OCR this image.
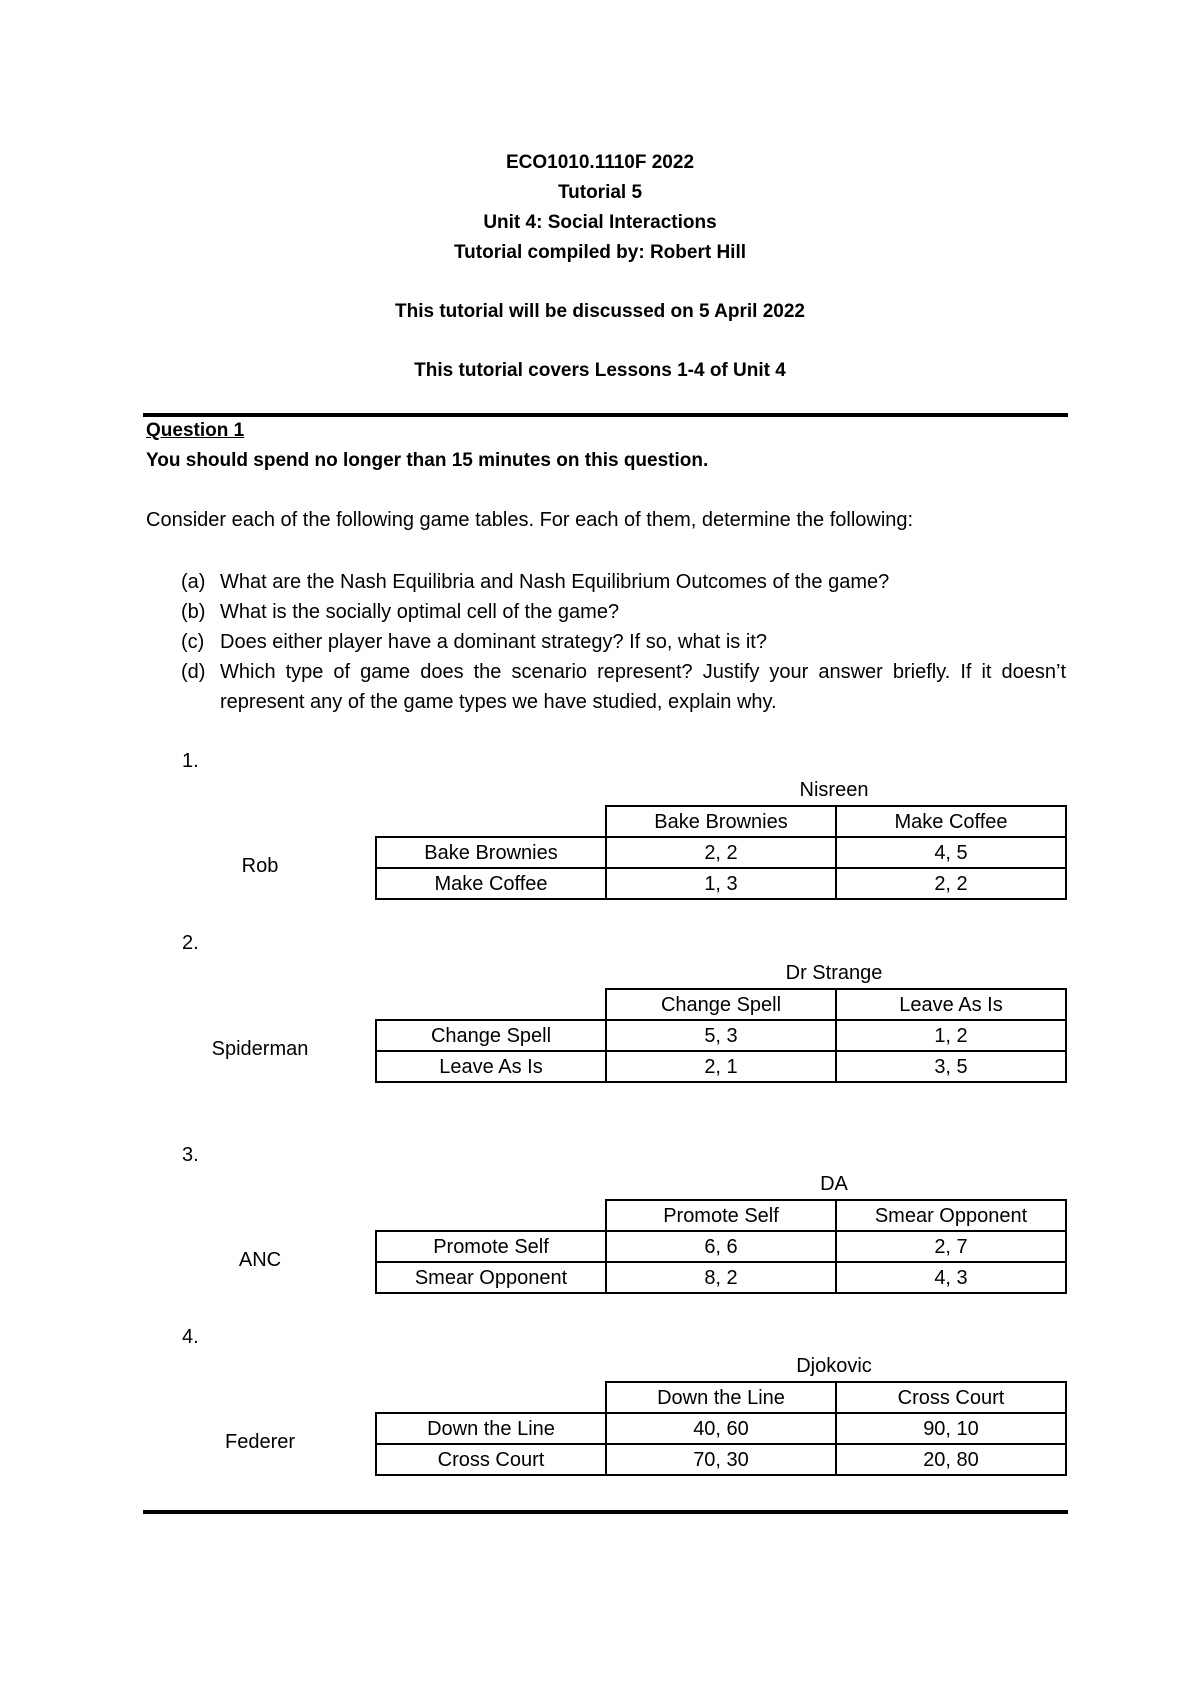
ECO1010.1110F 2022
Tutorial 5
Unit 4: Social Interactions
Tutorial compiled by: Robert Hill
This tutorial will be discussed on 5 April 2022
This tutorial covers Lessons 1-4 of Unit 4
Question 1
You should spend no longer than 15 minutes on this question.
Consider each of the following game tables. For each of them, determine the following:
(a) What are the Nash Equilibria and Nash Equilibrium Outcomes of the game?
(b) What is the socially optimal cell of the game?
(c) Does either player have a dominant strategy? If so, what is it?
(d) Which type of game does the scenario represent? Justify your answer briefly. If it doesn’t represent any of the game types we have studied, explain why.
1.
Nisreen
Rob
	Bake Brownies	Make Coffee
Bake Brownies	2, 2	4, 5
Make Coffee	1, 3	2, 2
2.
Dr Strange
Spiderman
	Change Spell	Leave As Is
Change Spell	5, 3	1, 2
Leave As Is	2, 1	3, 5
3.
DA
ANC
	Promote Self	Smear Opponent
Promote Self	6, 6	2, 7
Smear Opponent	8, 2	4, 3
4.
Djokovic
Federer
	Down the Line	Cross Court
Down the Line	40, 60	90, 10
Cross Court	70, 30	20, 80
